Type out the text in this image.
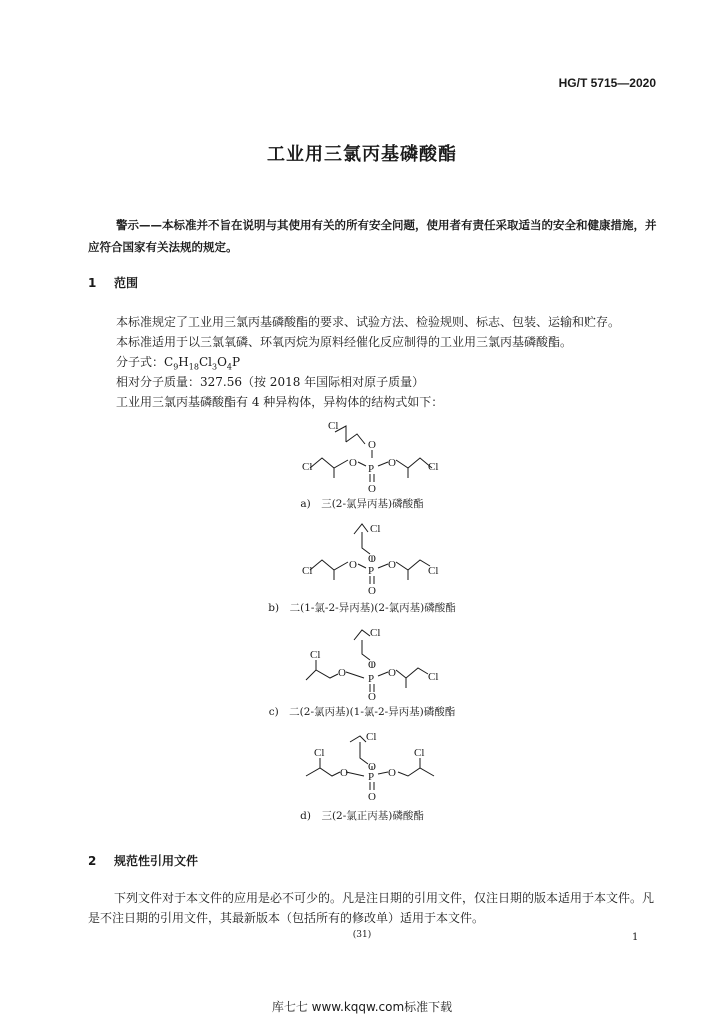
HG/T 5715—2020
工业用三氯丙基磷酸酯
警示——本标准并不旨在说明与其使用有关的所有安全问题，使用者有责任采取适当的安全和健康措施，并应符合国家有关法规的规定。
1 范围
本标准规定了工业用三氯丙基磷酸酯的要求、试验方法、检验规则、标志、包装、运输和贮存。
本标准适用于以三氯氧磷、环氧丙烷为原料经催化反应制得的工业用三氯丙基磷酸酯。
分子式：$C_9H_{18}Cl_3O_4P$
相对分子质量：327.56（按 2018 年国际相对原子质量）
工业用三氯丙基磷酸酯有 4 种异构体，异构体的结构式如下：
Cl
O
Cl	O P O	Cl
O
a)　三(2-氯异丙基)磷酸酯
Cl
O
Cl	O P O	Cl
O
b)　二(1-氯-2-异丙基)(2-氯丙基)磷酸酯
Cl
O
Cl
O P O	Cl
O
c)　二(2-氯丙基)(1-氯-2-异丙基)磷酸酯
Cl
O
Cl
O P O
Cl
O
d)　三(2-氯正丙基)磷酸酯
2 规范性引用文件
下列文件对于本文件的应用是必不可少的。凡是注日期的引用文件，仅注日期的版本适用于本文件。凡是不注日期的引用文件，其最新版本（包括所有的修改单）适用于本文件。
(31)	1
库七七 www.kqqw.com标准下载
